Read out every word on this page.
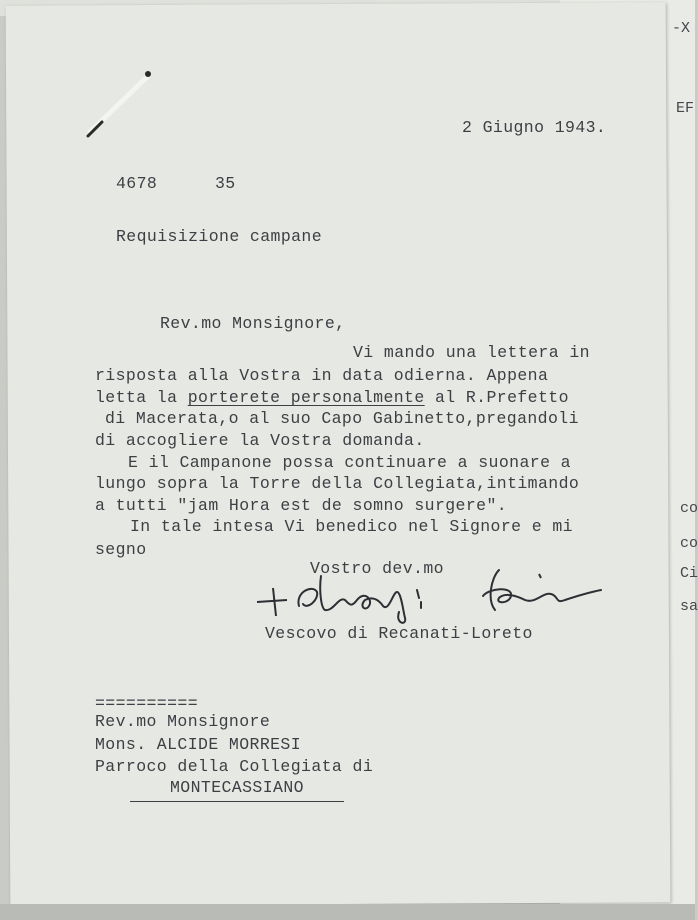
-X
EF
co
co
Ci
sa
2 Giugno 1943.
4678	35
Requisizione campane
Rev.mo Monsignore,
Vi mando una lettera in
risposta alla Vostra in data odierna. Appena
letta la porterete personalmente al R.Prefetto
di Macerata,o al suo Capo Gabinetto,pregandoli
di accogliere la Vostra domanda.
E il Campanone possa continuare a suonare a
lungo sopra la Torre della Collegiata,intimando
a tutti "jam Hora est de somno surgere".
In tale intesa Vi benedico nel Signore e mi
segno
Vostro dev.mo
Vescovo di Recanati-Loreto
==========
Rev.mo Monsignore
Mons. ALCIDE MORRESI
Parroco della Collegiata di
MONTECASSIANO
